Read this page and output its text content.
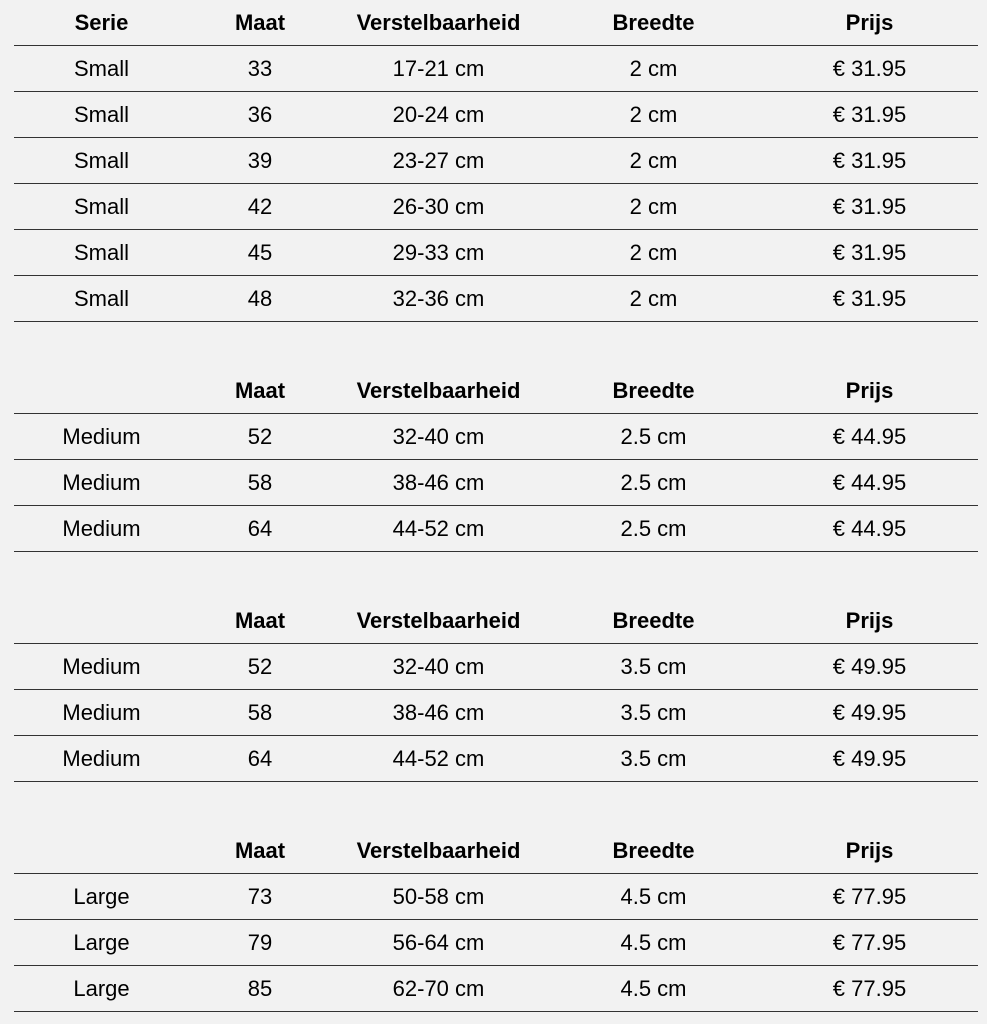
Serie	Maat	Verstelbaarheid	Breedte	Prijs
Small	33	17-21 cm	2 cm	€ 31.95
Small	36	20-24 cm	2 cm	€ 31.95
Small	39	23-27 cm	2 cm	€ 31.95
Small	42	26-30 cm	2 cm	€ 31.95
Small	45	29-33 cm	2 cm	€ 31.95
Small	48	32-36 cm	2 cm	€ 31.95
	Maat	Verstelbaarheid	Breedte	Prijs
Medium	52	32-40 cm	2.5 cm	€ 44.95
Medium	58	38-46 cm	2.5 cm	€ 44.95
Medium	64	44-52 cm	2.5 cm	€ 44.95
	Maat	Verstelbaarheid	Breedte	Prijs
Medium	52	32-40 cm	3.5 cm	€ 49.95
Medium	58	38-46 cm	3.5 cm	€ 49.95
Medium	64	44-52 cm	3.5 cm	€ 49.95
	Maat	Verstelbaarheid	Breedte	Prijs
Large	73	50-58 cm	4.5 cm	€ 77.95
Large	79	56-64 cm	4.5 cm	€ 77.95
Large	85	62-70 cm	4.5 cm	€ 77.95
